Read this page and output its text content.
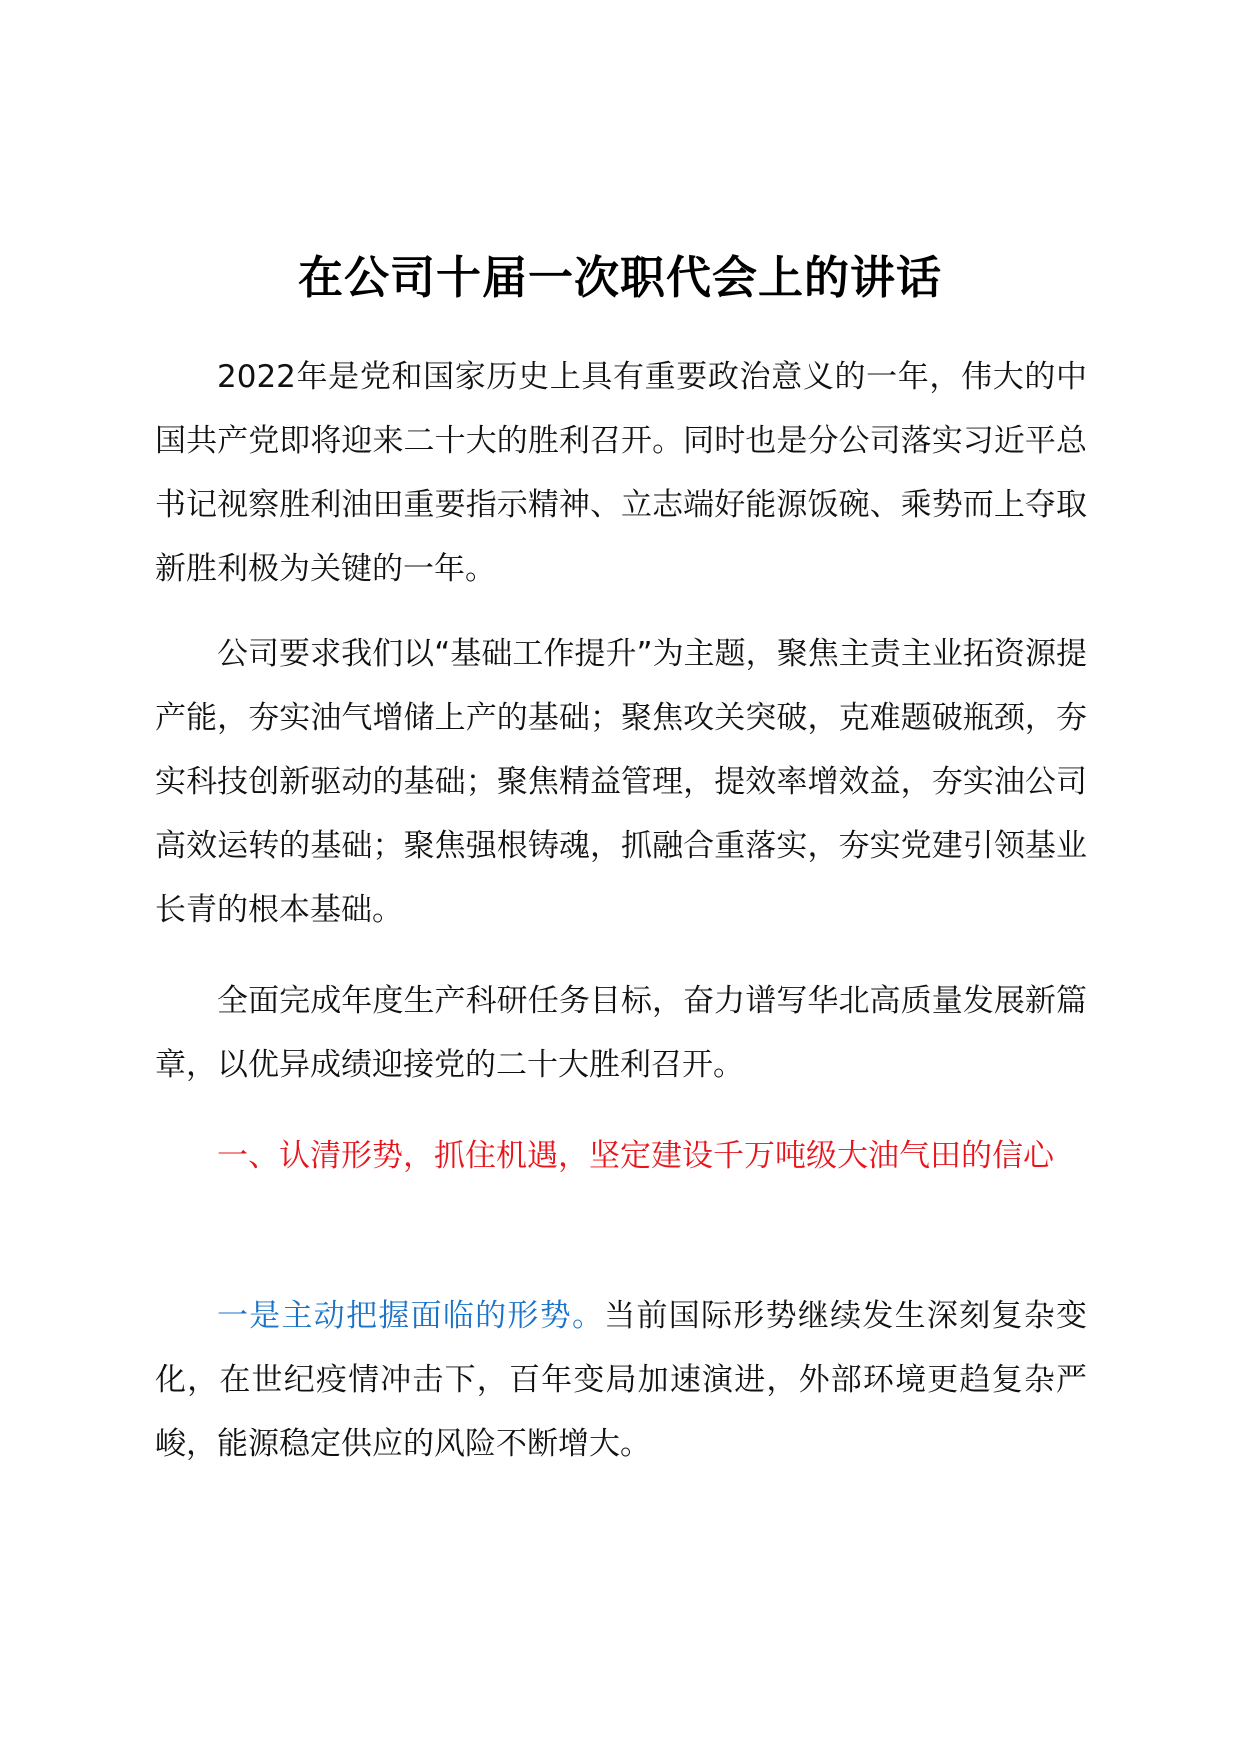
在公司十届一次职代会上的讲话

2022年是党和国家历史上具有重要政治意义的一年，伟大的中国共产党即将迎来二十大的胜利召开。同时也是分公司落实习近平总书记视察胜利油田重要指示精神、立志端好能源饭碗、乘势而上夺取新胜利极为关键的一年。

公司要求我们以“基础工作提升”为主题，聚焦主责主业拓资源提产能，夯实油气增储上产的基础；聚焦攻关突破，克难题破瓶颈，夯实科技创新驱动的基础；聚焦精益管理，提效率增效益，夯实油公司高效运转的基础；聚焦强根铸魂，抓融合重落实，夯实党建引领基业长青的根本基础。

全面完成年度生产科研任务目标，奋力谱写华北高质量发展新篇章，以优异成绩迎接党的二十大胜利召开。

一、认清形势，抓住机遇，坚定建设千万吨级大油气田的信心

一是主动把握面临的形势。当前国际形势继续发生深刻复杂变化，在世纪疫情冲击下，百年变局加速演进，外部环境更趋复杂严峻，能源稳定供应的风险不断增大。
